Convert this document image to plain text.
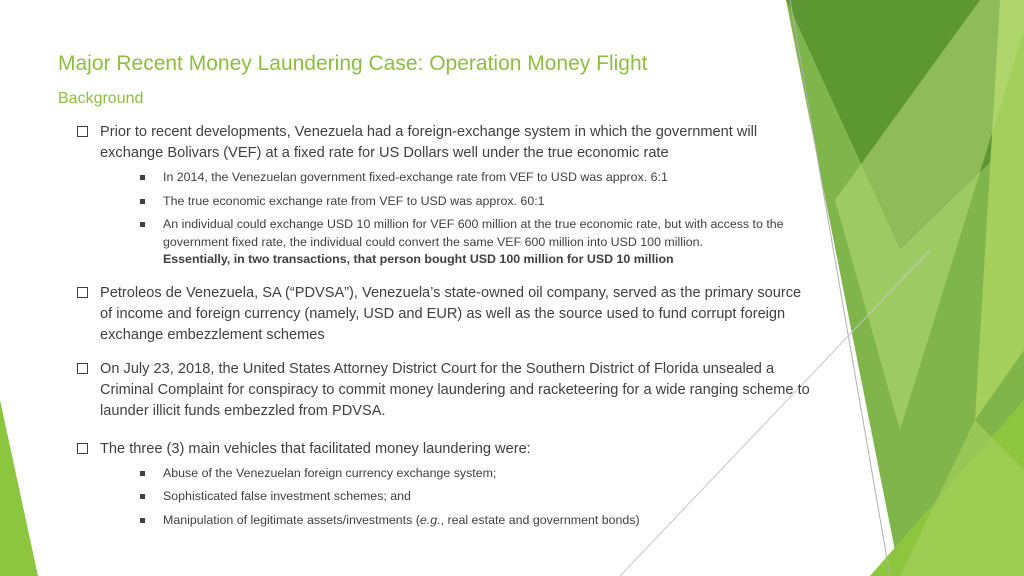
Major Recent Money Laundering Case: Operation Money Flight
Background
Prior to recent developments, Venezuela had a foreign-exchange system in which the government will exchange Bolivars (VEF) at a fixed rate for US Dollars well under the true economic rate
In 2014, the Venezuelan government fixed-exchange rate from VEF to USD was approx. 6:1
The true economic exchange rate from VEF to USD was approx. 60:1
An individual could exchange USD 10 million for VEF 600 million at the true economic rate, but with access to the government fixed rate, the individual could convert the same VEF 600 million into USD 100 million.
Essentially, in two transactions, that person bought USD 100 million for USD 10 million
Petroleos de Venezuela, SA (“PDVSA”), Venezuela’s state-owned oil company, served as the primary source of income and foreign currency (namely, USD and EUR) as well as the source used to fund corrupt foreign exchange embezzlement schemes
On July 23, 2018, the United States Attorney District Court for the Southern District of Florida unsealed a Criminal Complaint for conspiracy to commit money laundering and racketeering for a wide ranging scheme to launder illicit funds embezzled from PDVSA.
The three (3) main vehicles that facilitated money laundering were:
Abuse of the Venezuelan foreign currency exchange system;
Sophisticated false investment schemes; and
Manipulation of legitimate assets/investments (e.g., real estate and government bonds)
